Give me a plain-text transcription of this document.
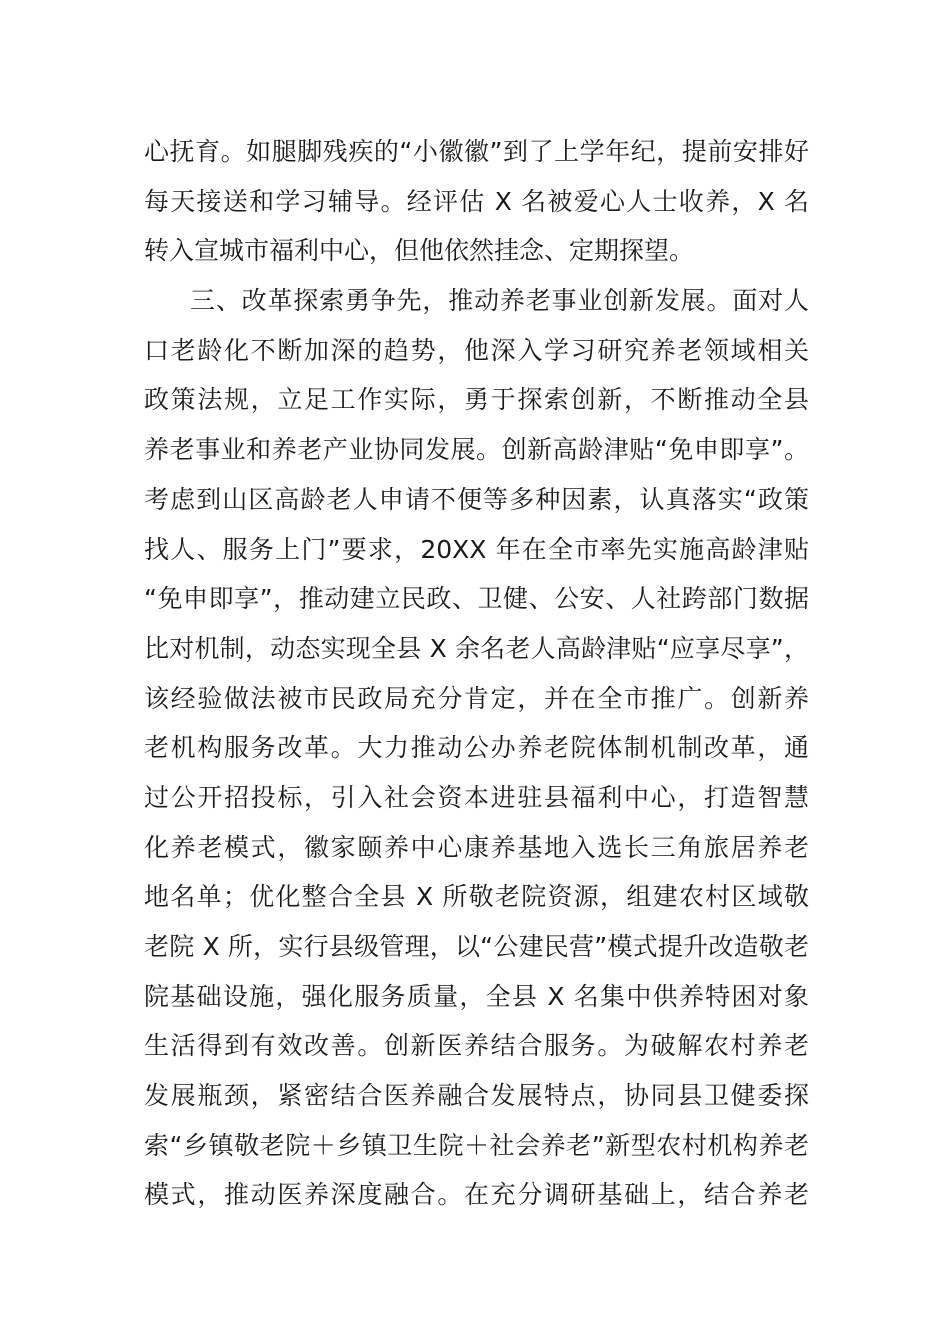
心抚育。如腿脚残疾的“小徽徽”到了上学年纪，提前安排好
每天接送和学习辅导。经评估 X 名被爱心人士收养，X 名
转入宣城市福利中心，但他依然挂念、定期探望。
三、改革探索勇争先，推动养老事业创新发展。面对人
口老龄化不断加深的趋势，他深入学习研究养老领域相关
政策法规，立足工作实际，勇于探索创新，不断推动全县
养老事业和养老产业协同发展。创新高龄津贴“免申即享”。
考虑到山区高龄老人申请不便等多种因素，认真落实“政策
找人、服务上门”要求，20XX 年在全市率先实施高龄津贴
“免申即享”，推动建立民政、卫健、公安、人社跨部门数据
比对机制，动态实现全县 X 余名老人高龄津贴“应享尽享”，
该经验做法被市民政局充分肯定，并在全市推广。创新养
老机构服务改革。大力推动公办养老院体制机制改革，通
过公开招投标，引入社会资本进驻县福利中心，打造智慧
化养老模式，徽家颐养中心康养基地入选长三角旅居养老
地名单；优化整合全县 X 所敬老院资源，组建农村区域敬
老院 X 所，实行县级管理，以“公建民营”模式提升改造敬老
院基础设施，强化服务质量，全县 X 名集中供养特困对象
生活得到有效改善。创新医养结合服务。为破解农村养老
发展瓶颈，紧密结合医养融合发展特点，协同县卫健委探
索“乡镇敬老院＋乡镇卫生院＋社会养老”新型农村机构养老
模式，推动医养深度融合。在充分调研基础上，结合养老
